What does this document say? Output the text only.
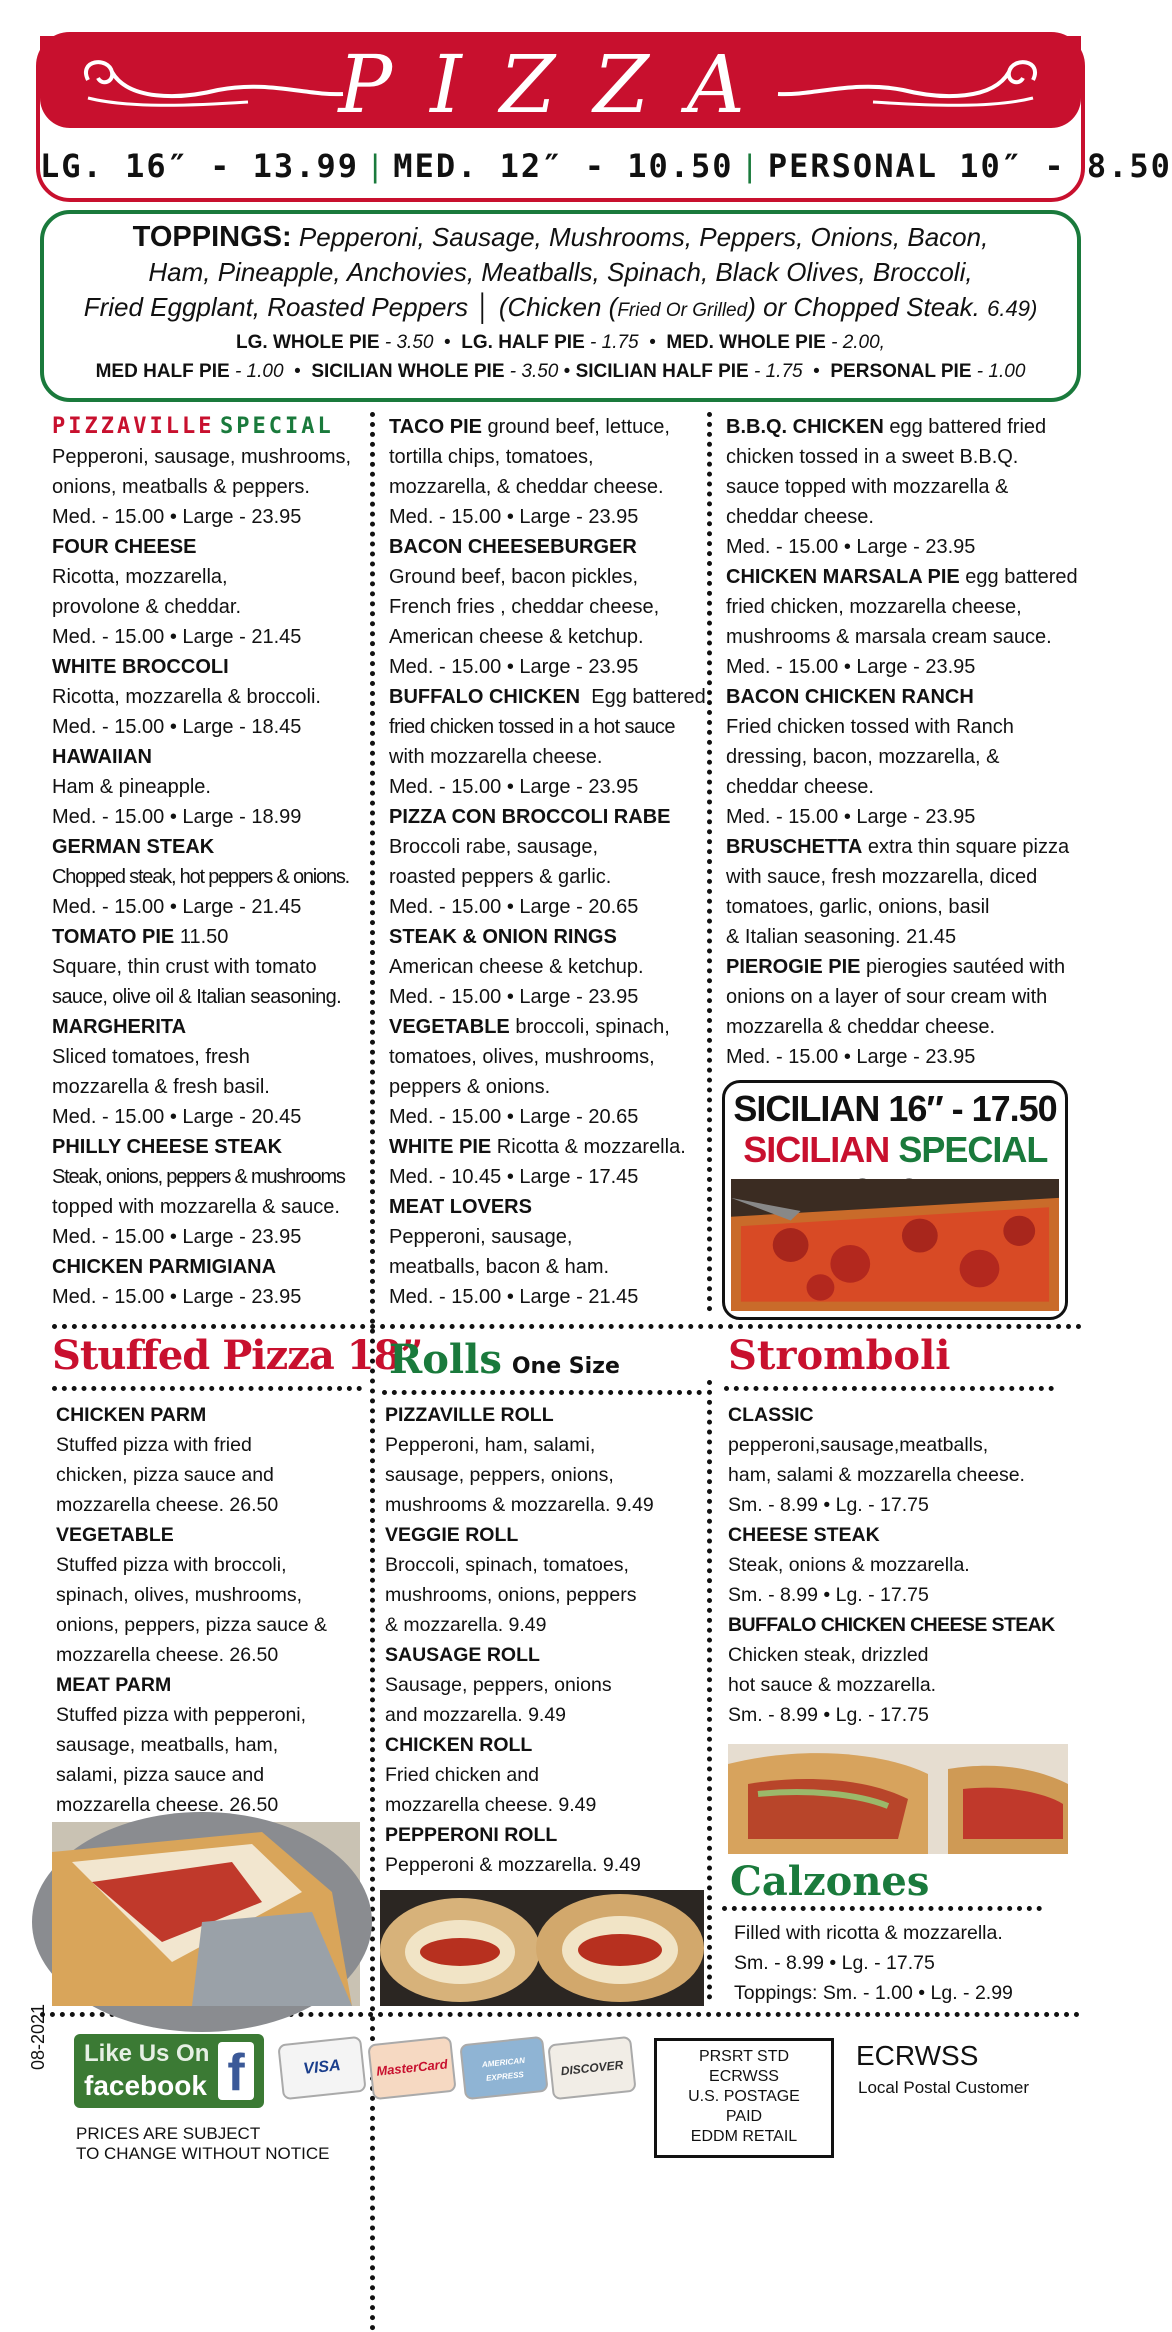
PIZZA
LG. 16″ - 13.99 | MED. 12″ - 10.50 | PERSONAL 10″ - 8.50
TOPPINGS: Pepperoni, Sausage, Mushrooms, Peppers, Onions, Bacon,
Ham, Pineapple, Anchovies, Meatballs, Spinach, Black Olives, Broccoli,
Fried Eggplant, Roasted Peppers │ (Chicken (Fried Or Grilled) or Chopped Steak. 6.49)
LG. WHOLE PIE - 3.50 • LG. HALF PIE - 1.75 • MED. WHOLE PIE - 2.00,
MED HALF PIE - 1.00 • SICILIAN WHOLE PIE - 3.50 • SICILIAN HALF PIE - 1.75 • PERSONAL PIE - 1.00

PIZZAVILLE SPECIAL

Pepperoni, sausage, mushrooms,

onions, meatballs & peppers.

Med. - 15.00 • Large - 23.95

FOUR CHEESE

Ricotta, mozzarella,

provolone & cheddar.

Med. - 15.00 • Large - 21.45

WHITE BROCCOLI

Ricotta, mozzarella & broccoli.

Med. - 15.00 • Large - 18.45

HAWAIIAN

Ham & pineapple.

Med. - 15.00 • Large - 18.99

GERMAN STEAK

Chopped steak, hot peppers & onions.

Med. - 15.00 • Large - 21.45

TOMATO PIE 11.50

Square, thin crust with tomato

sauce, olive oil & Italian seasoning.

MARGHERITA

Sliced tomatoes, fresh

mozzarella & fresh basil.

Med. - 15.00 • Large - 20.45

PHILLY CHEESE STEAK

Steak, onions, peppers & mushrooms

topped with mozzarella & sauce.

Med. - 15.00 • Large - 23.95

CHICKEN PARMIGIANA

Med. - 15.00 • Large - 23.95

TACO PIE ground beef, lettuce,

tortilla chips, tomatoes,

mozzarella, & cheddar cheese.

Med. - 15.00 • Large - 23.95

BACON CHEESEBURGER

Ground beef, bacon pickles,

French fries , cheddar cheese,

American cheese & ketchup.

Med. - 15.00 • Large - 23.95

BUFFALO CHICKEN Egg battered

fried chicken tossed in a hot sauce

with mozzarella cheese.

Med. - 15.00 • Large - 23.95

PIZZA CON BROCCOLI RABE

Broccoli rabe, sausage,

roasted peppers & garlic.

Med. - 15.00 • Large - 20.65

STEAK & ONION RINGS

American cheese & ketchup.

Med. - 15.00 • Large - 23.95

VEGETABLE broccoli, spinach,

tomatoes, olives, mushrooms,

peppers & onions.

Med. - 15.00 • Large - 20.65

WHITE PIE Ricotta & mozzarella.

Med. - 10.45 • Large - 17.45

MEAT LOVERS

Pepperoni, sausage,

meatballs, bacon & ham.

Med. - 15.00 • Large - 21.45

B.B.Q. CHICKEN egg battered fried

chicken tossed in a sweet B.B.Q.

sauce topped with mozzarella &

cheddar cheese.

Med. - 15.00 • Large - 23.95

CHICKEN MARSALA PIE egg battered

fried chicken, mozzarella cheese,

mushrooms & marsala cream sauce.

Med. - 15.00 • Large - 23.95

BACON CHICKEN RANCH

Fried chicken tossed with Ranch

dressing, bacon, mozzarella, &

cheddar cheese.

Med. - 15.00 • Large - 23.95

BRUSCHETTA extra thin square pizza

with sauce, fresh mozzarella, diced

tomatoes, garlic, onions, basil

& Italian seasoning. 21.45

PIEROGIE PIE pierogies sautéed with

onions on a layer of sour cream with

mozzarella & cheddar cheese.

Med. - 15.00 • Large - 23.95

SICILIAN 16″ - 17.50
SICILIAN SPECIAL
Stuffed Pizza 18”
Rolls One Size	Stromboli
Calzones

CHICKEN PARM

Stuffed pizza with fried

chicken, pizza sauce and

mozzarella cheese. 26.50

VEGETABLE

Stuffed pizza with broccoli,

spinach, olives, mushrooms,

onions, peppers, pizza sauce &

mozzarella cheese. 26.50

MEAT PARM

Stuffed pizza with pepperoni,

sausage, meatballs, ham,

salami, pizza sauce and

mozzarella cheese. 26.50

PIZZAVILLE ROLL

Pepperoni, ham, salami,

sausage, peppers, onions,

mushrooms & mozzarella. 9.49

VEGGIE ROLL

Broccoli, spinach, tomatoes,

mushrooms, onions, peppers

& mozzarella. 9.49

SAUSAGE ROLL

Sausage, peppers, onions

and mozzarella. 9.49

CHICKEN ROLL

Fried chicken and

mozzarella cheese. 9.49

PEPPERONI ROLL

Pepperoni & mozzarella. 9.49

CLASSIC

pepperoni,sausage,meatballs,

ham, salami & mozzarella cheese.

Sm. - 8.99 • Lg. - 17.75

CHEESE STEAK

Steak, onions & mozzarella.

Sm. - 8.99 • Lg. - 17.75

BUFFALO CHICKEN CHEESE STEAK

Chicken steak, drizzled

hot sauce & mozzarella.

Sm. - 8.99 • Lg. - 17.75

Filled with ricotta & mozzarella.

Sm. - 8.99 • Lg. - 17.75

Toppings: Sm. - 1.00 • Lg. - 2.99

08-2021 Like Us On
facebook f	VISA	MasterCard	AMERICAN EXPRESS	DISCOVER
PRICES ARE SUBJECT
TO CHANGE WITHOUT NOTICE
PRSRT STD
ECRWSS
U.S. POSTAGE
PAID
EDDM RETAIL
ECRWSS
Local Postal Customer
